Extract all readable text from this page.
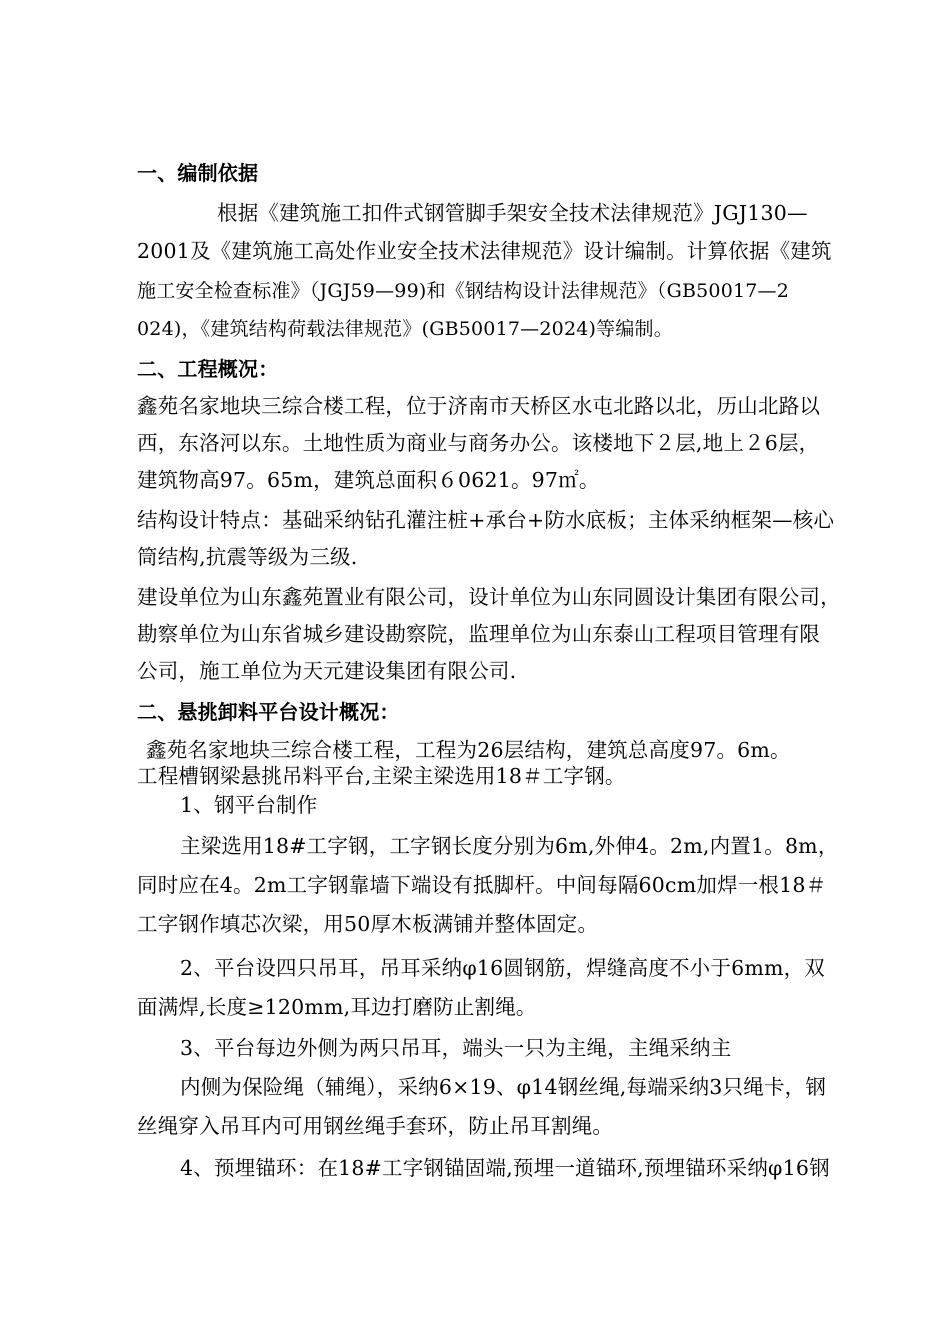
一、编制依据
根据《建筑施工扣件式钢管脚手架安全技术法律规范》JGJ130—
2001及《建筑施工高处作业安全技术法律规范》设计编制。计算依据《建筑
施工安全检查标准》（JGJ59—99)和《钢结构设计法律规范》（GB50017—2
024)，《建筑结构荷载法律规范》(GB50017—2024)等编制。
二、工程概况：
鑫苑名家地块三综合楼工程，位于济南市天桥区水屯北路以北，历山北路以
西，东洛河以东。土地性质为商业与商务办公。该楼地下２层,地上２6层，
建筑物高97。65m，建筑总面积６0621。97㎡。
结构设计特点：基础采纳钻孔灌注桩+承台+防水底板；主体采纳框架—核心
筒结构,抗震等级为三级.
建设单位为山东鑫苑置业有限公司，设计单位为山东同圆设计集团有限公司，
勘察单位为山东省城乡建设勘察院，监理单位为山东泰山工程项目管理有限
公司，施工单位为天元建设集团有限公司.
二、悬挑卸料平台设计概况：
鑫苑名家地块三综合楼工程，工程为26层结构，建筑总高度97。6m。
工程槽钢梁悬挑吊料平台,主梁主梁选用18＃工字钢。
1、钢平台制作
主梁选用18#工字钢，工字钢长度分别为6m,外伸4。2m,内置1。8m，
同时应在4。2m工字钢靠墙下端设有抵脚杆。中间每隔60cm加焊一根18＃
工字钢作填芯次梁，用50厚木板满铺并整体固定。
2、平台设四只吊耳，吊耳采纳φ16圆钢筋，焊缝高度不小于6mm，双
面满焊,长度≥120mm,耳边打磨防止割绳。
3、平台每边外侧为两只吊耳，端头一只为主绳，主绳采纳主
内侧为保险绳（辅绳），采纳6×19、φ14钢丝绳,每端采纳3只绳卡，钢
丝绳穿入吊耳内可用钢丝绳手套环，防止吊耳割绳。
4、预埋锚环：在18#工字钢锚固端,预埋一道锚环,预埋锚环采纳φ16钢
